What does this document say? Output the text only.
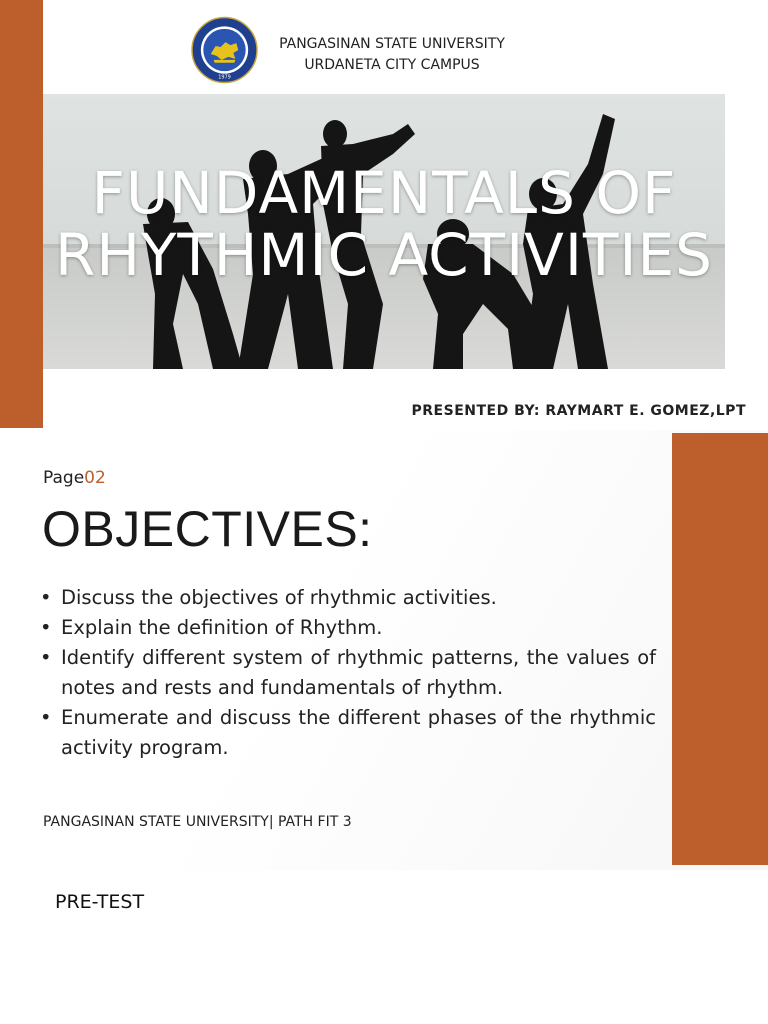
1979
PANGASINAN STATE UNIVERSITY
URDANETA CITY CAMPUS
FUNDAMENTALS OF
RHYTHMIC ACTIVITIES
PRESENTED BY: RAYMART E. GOMEZ,LPT
Page02
OBJECTIVES:
• Discuss the objectives of rhythmic activities.
• Explain the definition of Rhythm.
• Identify different system of rhythmic patterns, the values of notes and rests and fundamentals of rhythm.
• Enumerate and discuss the different phases of the rhythmic activity program.
PANGASINAN STATE UNIVERSITY| PATH FIT 3
PRE-TEST
